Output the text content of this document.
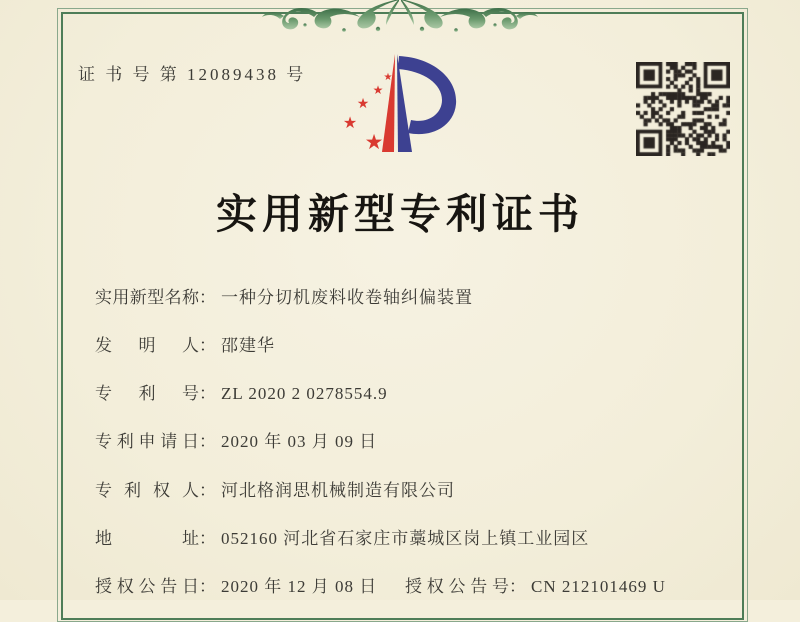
证 书 号 第 12089438 号	★
★
★
★
★
实用新型专利证书
实用新型名称： 一种分切机废料收卷轴纠偏装置
发明人： 邵建华
专利号： ZL 2020 2 0278554.9
专利申请日： 2020 年 03 月 09 日
专利权人： 河北格润思机械制造有限公司
地址： 052160 河北省石家庄市藁城区岗上镇工业园区
授权公告日： 2020 年 12 月 08 日 授权公告号： CN 212101469 U
